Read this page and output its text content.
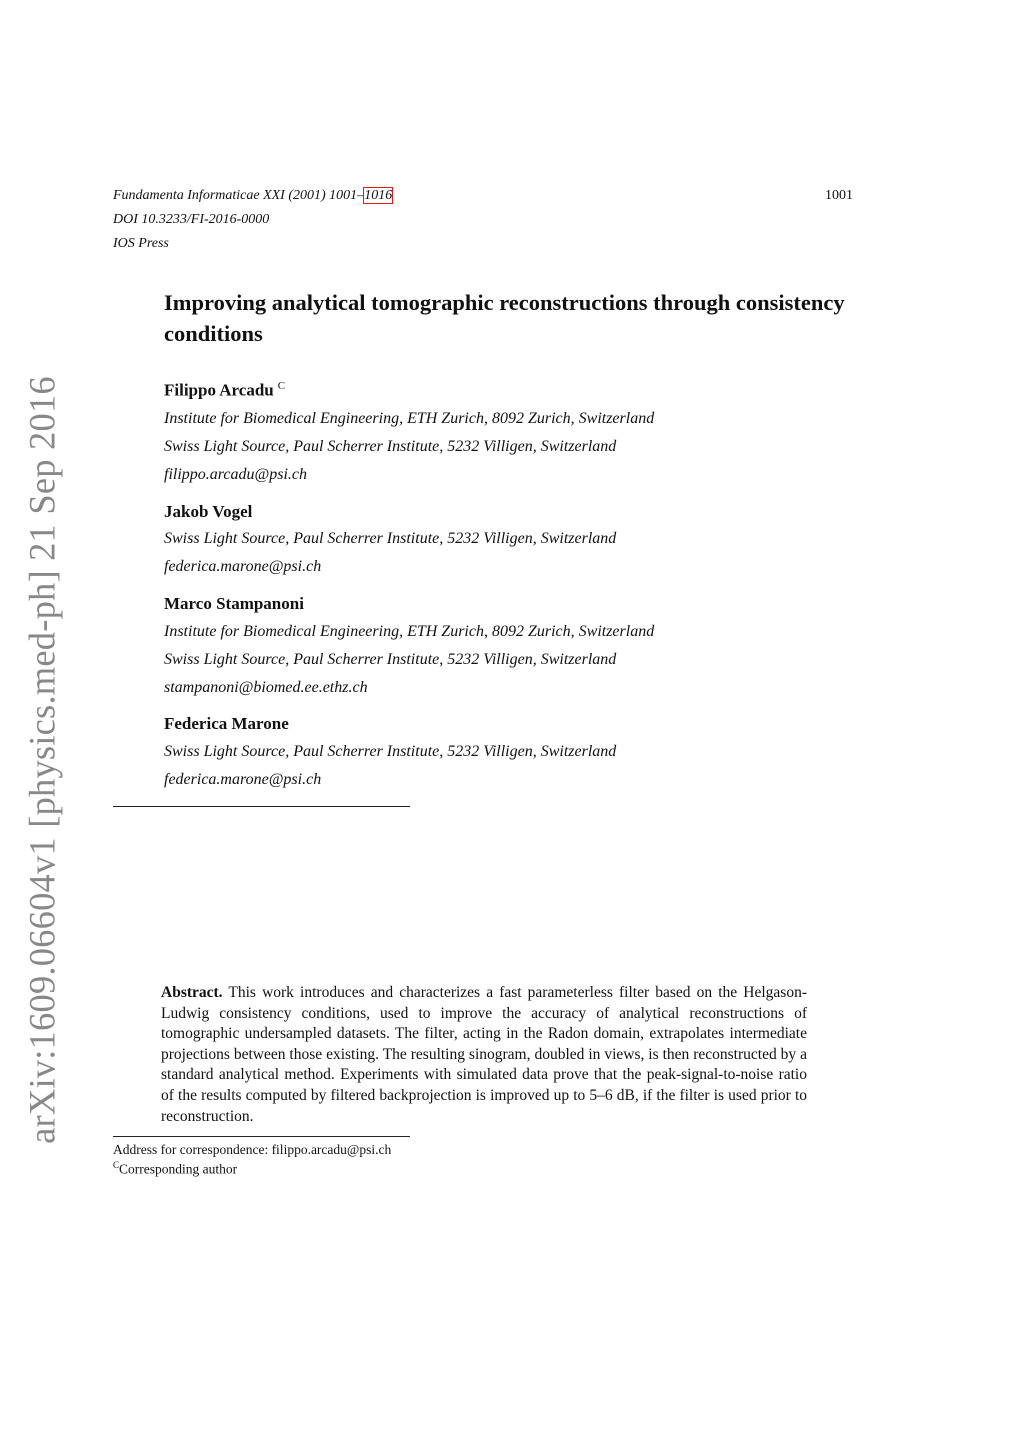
Fundamenta Informaticae XXI (2001) 1001–1016	1001
DOI 10.3233/FI-2016-0000
IOS Press
Improving analytical tomographic reconstructions through consistency conditions
Filippo Arcadu $^C$
Institute for Biomedical Engineering, ETH Zurich, 8092 Zurich, Switzerland
Swiss Light Source, Paul Scherrer Institute, 5232 Villigen, Switzerland
filippo.arcadu@psi.ch
Jakob Vogel
Swiss Light Source, Paul Scherrer Institute, 5232 Villigen, Switzerland
federica.marone@psi.ch
Marco Stampanoni
Institute for Biomedical Engineering, ETH Zurich, 8092 Zurich, Switzerland
Swiss Light Source, Paul Scherrer Institute, 5232 Villigen, Switzerland
stampanoni@biomed.ee.ethz.ch
Federica Marone
Swiss Light Source, Paul Scherrer Institute, 5232 Villigen, Switzerland
federica.marone@psi.ch
Abstract. This work introduces and characterizes a fast parameterless filter based on the Helgason-Ludwig consistency conditions, used to improve the accuracy of analytical reconstructions of tomographic undersampled datasets. The filter, acting in the Radon domain, extrapolates intermediate projections between those existing. The resulting sinogram, doubled in views, is then reconstructed by a standard analytical method. Experiments with simulated data prove that the peak-signal-to-noise ratio of the results computed by filtered backprojection is improved up to 5–6 dB, if the filter is used prior to reconstruction.
Address for correspondence: filippo.arcadu@psi.ch
$^C$Corresponding author
arXiv:1609.06604v1 [physics.med-ph] 21 Sep 2016
